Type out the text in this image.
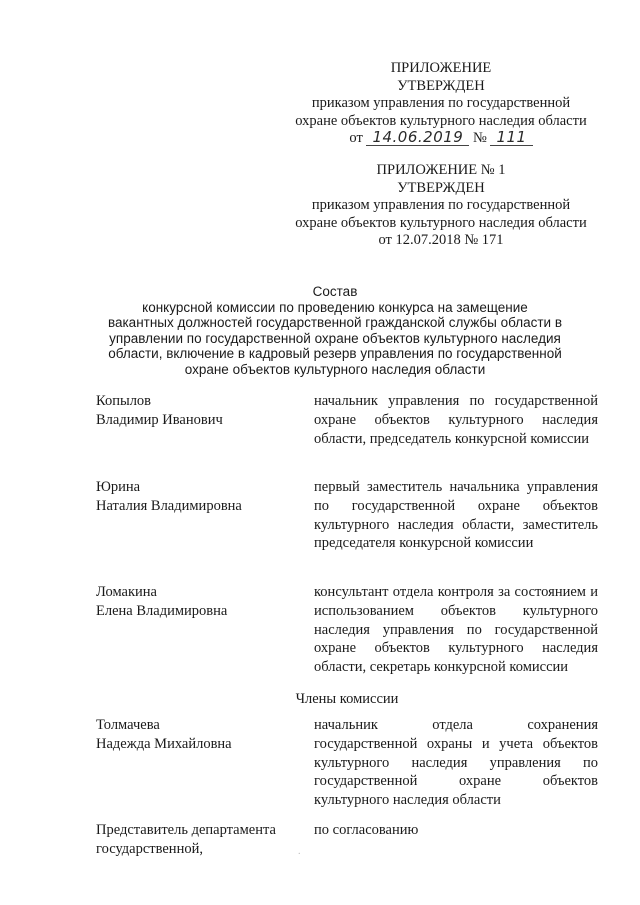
ПРИЛОЖЕНИЕ
УТВЕРЖДЕН
приказом управления по государственной
охране объектов культурного наследия области
от 14.06.2019 № 111
ПРИЛОЖЕНИЕ № 1
УТВЕРЖДЕН
приказом управления по государственной
охране объектов культурного наследия области
от 12.07.2018 № 171
Состав
конкурсной комиссии по проведению конкурса на замещение
вакантных должностей государственной гражданской службы области в
управлении по государственной охране объектов культурного наследия
области, включение в кадровый резерв управления по государственной
охране объектов культурного наследия области
Копылов
Владимир Иванович
начальник управления по государственной охране объектов культурного наследия области, председатель конкурсной комиссии
Юрина
Наталия Владимировна
первый заместитель начальника управления по государственной охране объектов культурного наследия области, заместитель председателя конкурсной комиссии
Ломакина
Елена Владимировна
консультант отдела контроля за состоянием и использованием объектов культурного наследия управления по государственной охране объектов культурного наследия области, секретарь конкурсной комиссии
Члены комиссии
Толмачева
Надежда Михайловна
начальник отдела сохранения государственной охраны и учета объектов культурного наследия управления по государственной охране объектов культурного наследия области
Представитель департамента
государственной,
по согласованию
.
